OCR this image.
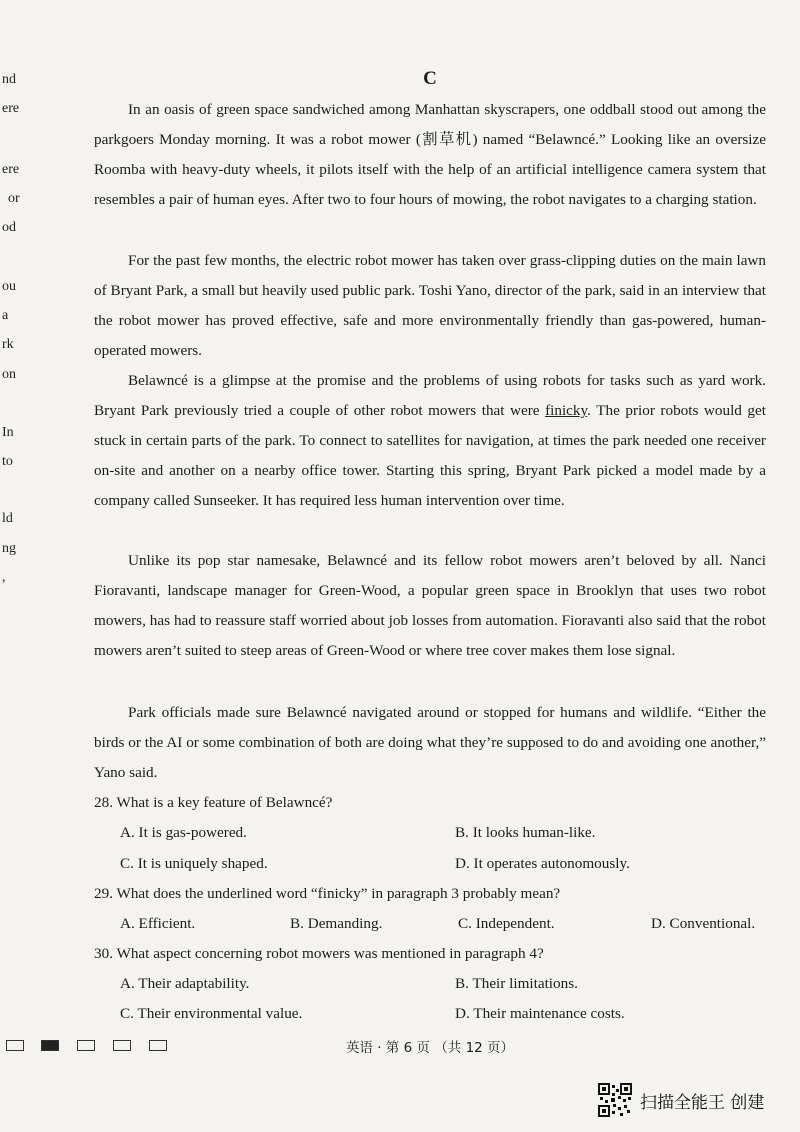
nd
ere
ere
or
od
ou
a
rk
on
In
to
ld
ng
,
C

In an oasis of green space sandwiched among Manhattan skyscrapers, one oddball stood out among the parkgoers Monday morning. It was a robot mower (割草机) named “Belawncé.” Looking like an oversize Roomba with heavy-duty wheels, it pilots itself with the help of an artificial intelligence camera system that resembles a pair of human eyes. After two to four hours of mowing, the robot navigates to a charging station.

For the past few months, the electric robot mower has taken over grass-clipping duties on the main lawn of Bryant Park, a small but heavily used public park. Toshi Yano, director of the park, said in an interview that the robot mower has proved effective, safe and more environmentally friendly than gas-powered, human-operated mowers.

Belawncé is a glimpse at the promise and the problems of using robots for tasks such as yard work. Bryant Park previously tried a couple of other robot mowers that were finicky. The prior robots would get stuck in certain parts of the park. To connect to satellites for navigation, at times the park needed one receiver on-site and another on a nearby office tower. Starting this spring, Bryant Park picked a model made by a company called Sunseeker. It has required less human intervention over time.

Unlike its pop star namesake, Belawncé and its fellow robot mowers aren’t beloved by all. Nanci Fioravanti, landscape manager for Green-Wood, a popular green space in Brooklyn that uses two robot mowers, has had to reassure staff worried about job losses from automation. Fioravanti also said that the robot mowers aren’t suited to steep areas of Green-Wood or where tree cover makes them lose signal.

Park officials made sure Belawncé navigated around or stopped for humans and wildlife. “Either the birds or the AI or some combination of both are doing what they’re supposed to do and avoiding one another,” Yano said.

28. What is a key feature of Belawncé?
A. It is gas-powered.	B. It looks human-like.
C. It is uniquely shaped.	D. It operates autonomously.
29. What does the underlined word “finicky” in paragraph 3 probably mean?
A. Efficient.	B. Demanding.	C. Independent.	D. Conventional.
30. What aspect concerning robot mowers was mentioned in paragraph 4?
A. Their adaptability.	B. Their limitations.
C. Their environmental value.	D. Their maintenance costs.
英语 · 第 6 页 （共 12 页）
扫描全能王 创建
